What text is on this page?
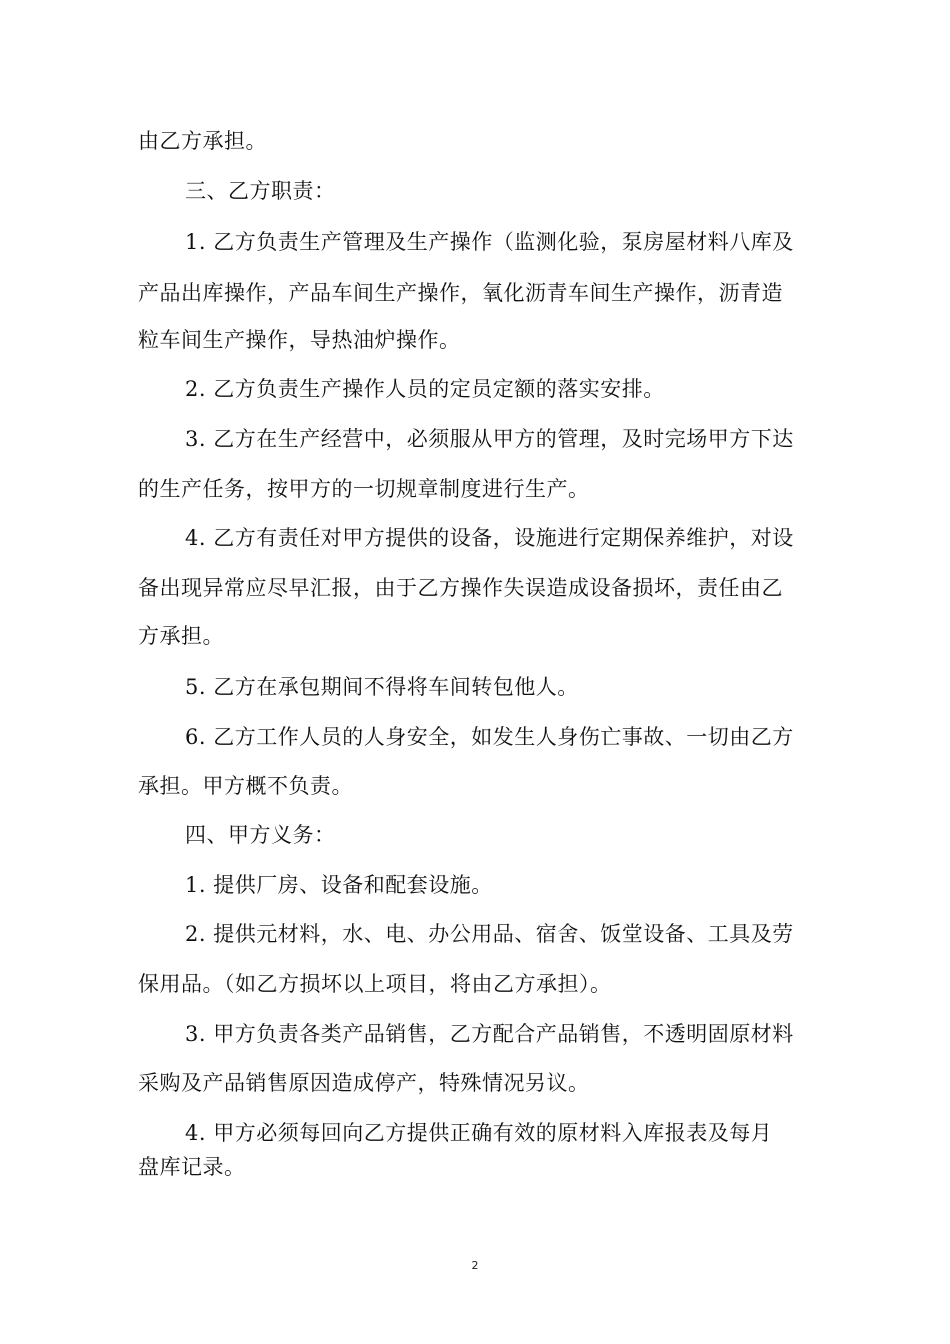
由乙方承担。
三、乙方职责：
1. 乙方负责生产管理及生产操作（监测化验，泵房屋材料八库及
产品出库操作，产品车间生产操作，氧化沥青车间生产操作，沥青造
粒车间生产操作，导热油炉操作。
2. 乙方负责生产操作人员的定员定额的落实安排。
3. 乙方在生产经营中，必须服从甲方的管理，及时完场甲方下达
的生产任务，按甲方的一切规章制度进行生产。
4. 乙方有责任对甲方提供的设备，设施进行定期保养维护，对设
备出现异常应尽早汇报，由于乙方操作失误造成设备损坏，责任由乙
方承担。
5. 乙方在承包期间不得将车间转包他人。
6. 乙方工作人员的人身安全，如发生人身伤亡事故、一切由乙方
承担。甲方概不负责。
四、甲方义务：
1. 提供厂房、设备和配套设施。
2. 提供元材料，水、电、办公用品、宿舍、饭堂设备、工具及劳
保用品。（如乙方损坏以上项目，将由乙方承担）。
3. 甲方负责各类产品销售，乙方配合产品销售，不透明固原材料
采购及产品销售原因造成停产，特殊情况另议。
4. 甲方必须每回向乙方提供正确有效的原材料入库报表及每月
盘库记录。
2
